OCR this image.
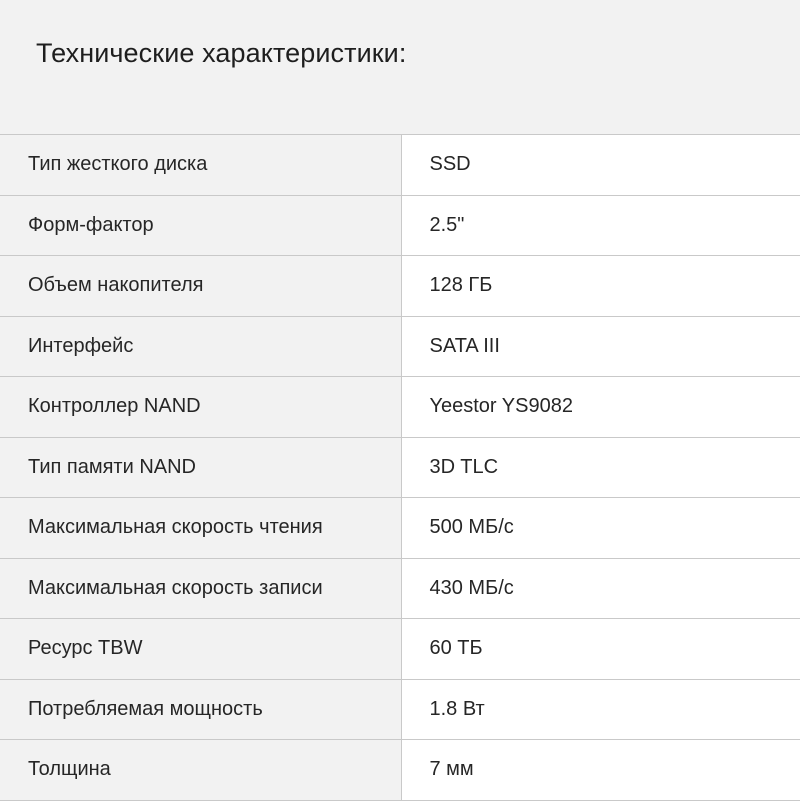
Технические характеристики:
Тип жесткого диска	SSD
Форм-фактор	2.5"
Объем накопителя	128 ГБ
Интерфейс	SATA III
Контроллер NAND	Yeestor YS9082
Тип памяти NAND	3D TLC
Максимальная скорость чтения	500 МБ/с
Максимальная скорость записи	430 МБ/с
Ресурс TBW	60 ТБ
Потребляемая мощность	1.8 Вт
Толщина	7 мм
